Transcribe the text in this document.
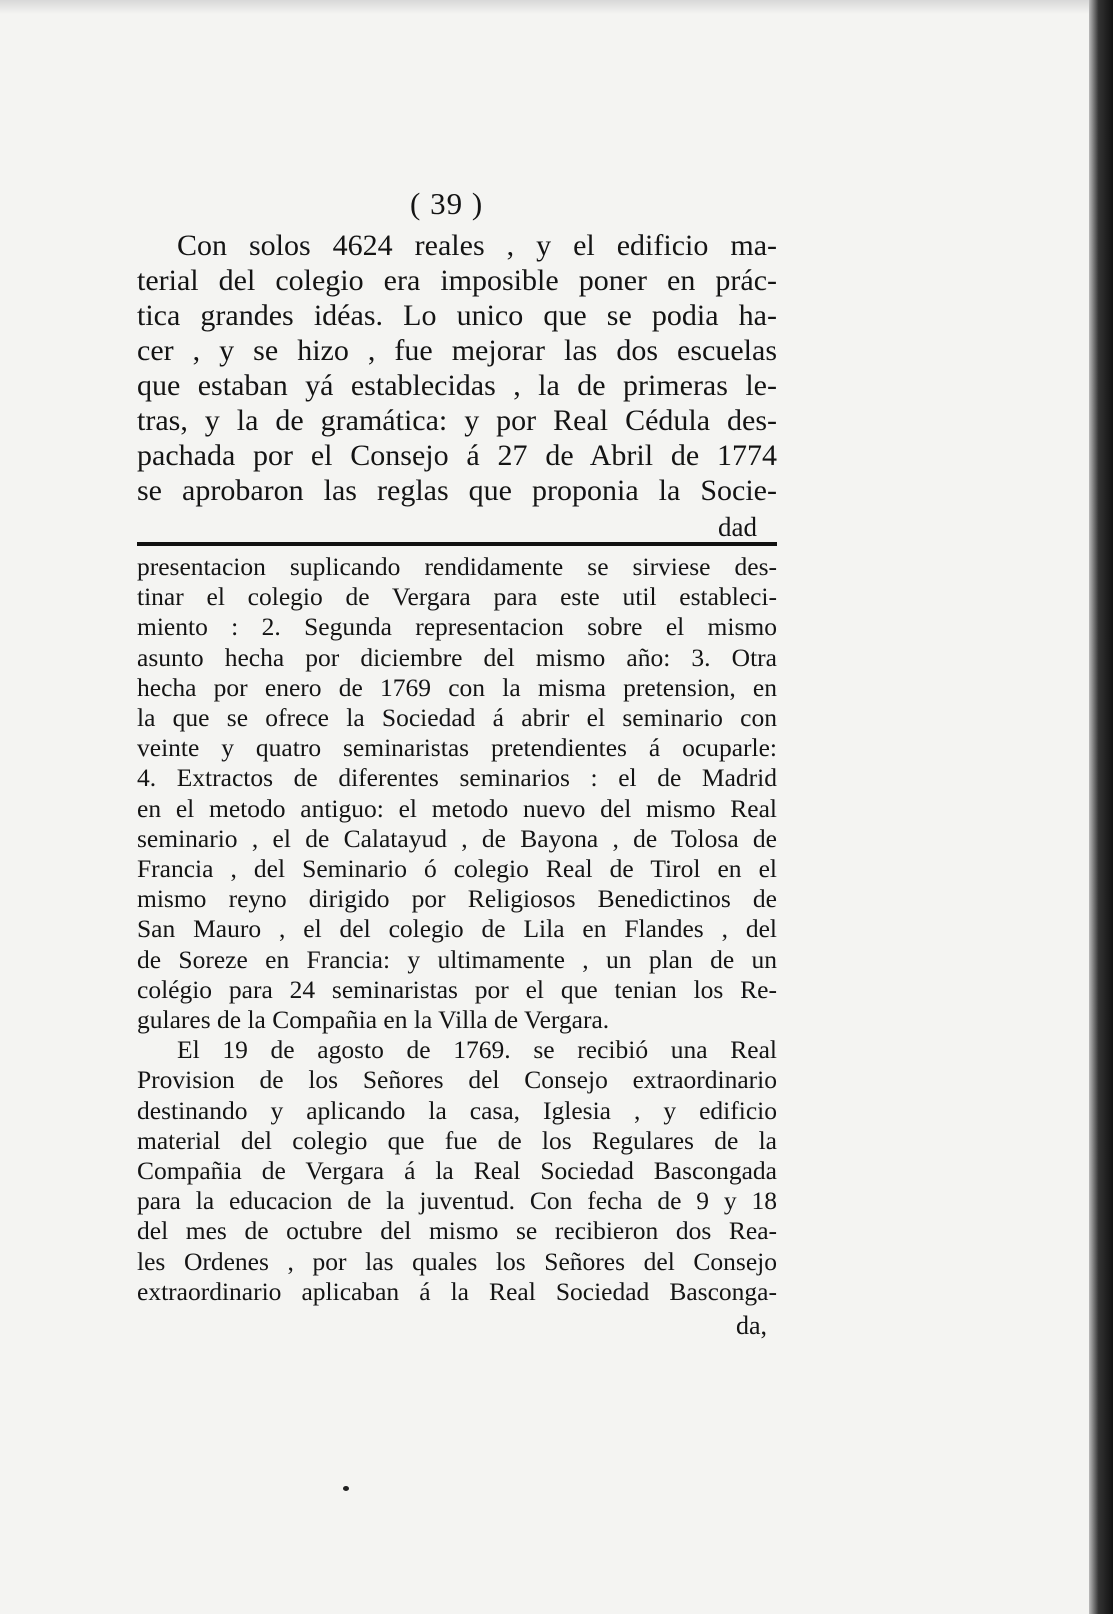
( 39 )
Con solos 4624 reales , y el edificio ma-
terial del colegio era imposible poner en prác-
tica grandes idéas. Lo unico que se podia ha-
cer , y se hizo , fue mejorar las dos escuelas
que estaban yá establecidas , la de primeras le-
tras, y la de gramática: y por Real Cédula des-
pachada por el Consejo á 27 de Abril de 1774
se aprobaron las reglas que proponia la Socie-
dad
presentacion suplicando rendidamente se sirviese des-
tinar el colegio de Vergara para este util estableci-
miento : 2. Segunda representacion sobre el mismo
asunto hecha por diciembre del mismo año: 3. Otra
hecha por enero de 1769 con la misma pretension, en
la que se ofrece la Sociedad á abrir el seminario con
veinte y quatro seminaristas pretendientes á ocuparle:
4. Extractos de diferentes seminarios : el de Madrid
en el metodo antiguo: el metodo nuevo del mismo Real
seminario , el de Calatayud , de Bayona , de Tolosa de
Francia , del Seminario ó colegio Real de Tirol en el
mismo reyno dirigido por Religiosos Benedictinos de
San Mauro , el del colegio de Lila en Flandes , del
de Soreze en Francia: y ultimamente , un plan de un
colégio para 24 seminaristas por el que tenian los Re-
gulares de la Compañia en la Villa de Vergara.
El 19 de agosto de 1769. se recibió una Real
Provision de los Señores del Consejo extraordinario
destinando y aplicando la casa, Iglesia , y edificio
material del colegio que fue de los Regulares de la
Compañia de Vergara á la Real Sociedad Bascongada
para la educacion de la juventud. Con fecha de 9 y 18
del mes de octubre del mismo se recibieron dos Rea-
les Ordenes , por las quales los Señores del Consejo
extraordinario aplicaban á la Real Sociedad Basconga-
da,
